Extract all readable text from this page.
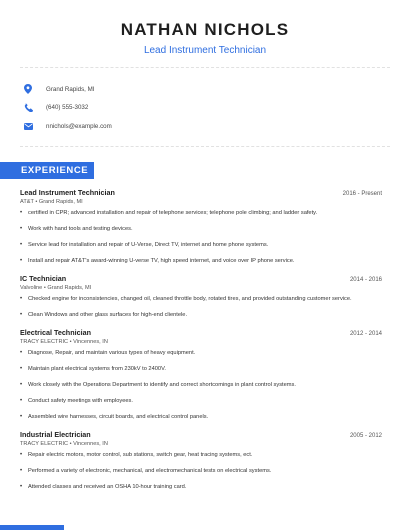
NATHAN NICHOLS
Lead Instrument Technician
Grand Rapids, MI
(640) 555-3032
nnichols@example.com
EXPERIENCE
Lead Instrument Technician	2016 - Present
AT&T • Grand Rapids, MI
• certified in CPR; advanced installation and repair of telephone services; telephone pole climbing; and ladder safety.
• Work with hand tools and testing devices.
• Service lead for installation and repair of U-Verse, Direct TV, internet and home phone systems.
• Install and repair AT&T's award-winning U-verse TV, high speed internet, and voice over IP phone service.
IC Technician	2014 - 2016
Valvoline • Grand Rapids, MI
• Checked engine for inconsistencies, changed oil, cleaned throttle body, rotated tires, and provided outstanding customer service.
• Clean Windows and other glass surfaces for high-end clientele.
Electrical Technician	2012 - 2014
TRACY ELECTRIC • Vincennes, IN
• Diagnose, Repair, and maintain various types of heavy equipment.
• Maintain plant electrical systems from 230kV to 2400V.
• Work closely with the Operations Department to identify and correct shortcomings in plant control systems.
• Conduct safety meetings with employees.
• Assembled wire harnesses, circuit boards, and electrical control panels.
Industrial Electrician	2005 - 2012
TRACY ELECTRIC • Vincennes, IN
• Repair electric motors, motor control, sub stations, switch gear, heat tracing systems, ect.
• Performed a variety of electronic, mechanical, and electromechanical tests on electrical systems.
• Attended classes and received an OSHA 10-hour training card.
